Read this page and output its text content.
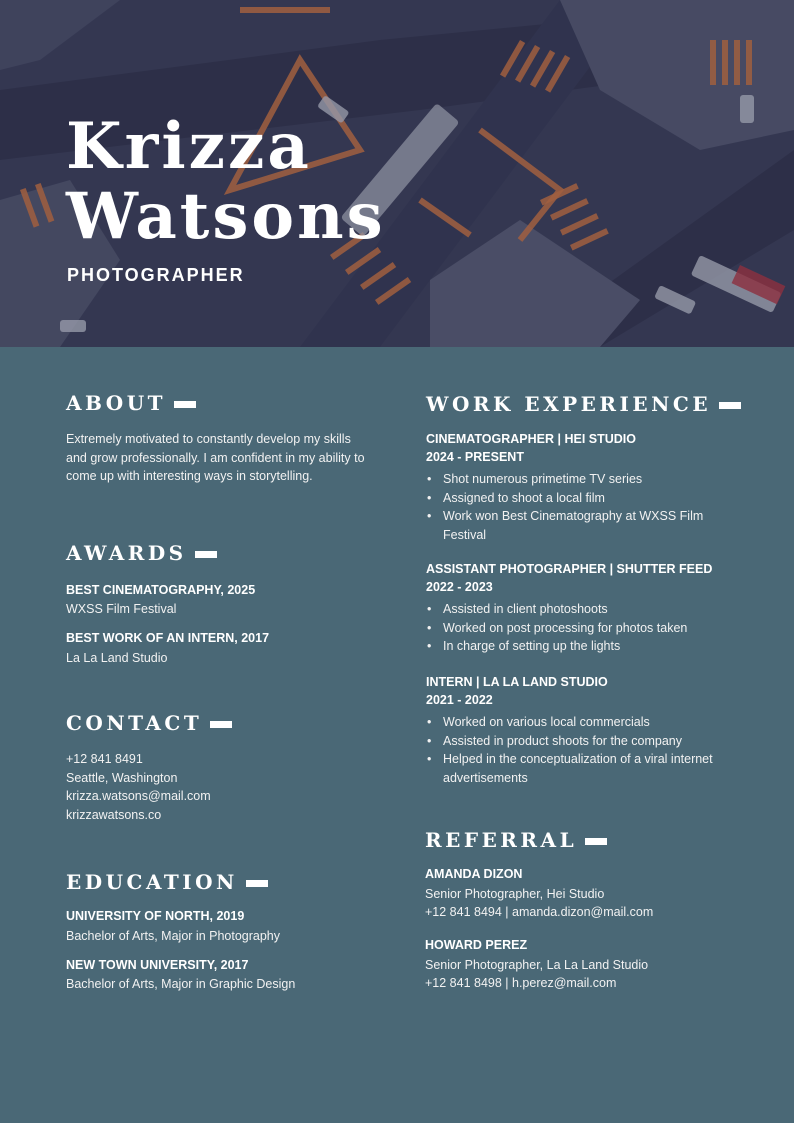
Krizza
Watsons
PHOTOGRAPHER
ABOUT
Extremely motivated to constantly develop my skills and grow professionally. I am confident in my ability to come up with interesting ways in storytelling.
AWARDS
BEST CINEMATOGRAPHY, 2025
WXSS Film Festival
BEST WORK OF AN INTERN, 2017
La La Land Studio
CONTACT
+12 841 8491
Seattle, Washington
krizza.watsons@mail.com
krizzawatsons.co
EDUCATION
UNIVERSITY OF NORTH, 2019
Bachelor of Arts, Major in Photography
NEW TOWN UNIVERSITY, 2017
Bachelor of Arts, Major in Graphic Design
WORK EXPERIENCE
CINEMATOGRAPHER | HEI STUDIO
2024 - PRESENT
• Shot numerous primetime TV series
• Assigned to shoot a local film
• Work won Best Cinematography at WXSS Film Festival
ASSISTANT PHOTOGRAPHER | SHUTTER FEED
2022 - 2023
• Assisted in client photoshoots
• Worked on post processing for photos taken
• In charge of setting up the lights
INTERN | LA LA LAND STUDIO
2021 - 2022
• Worked on various local commercials
• Assisted in product shoots for the company
• Helped in the conceptualization of a viral internet advertisements
REFERRAL
AMANDA DIZON
Senior Photographer, Hei Studio
+12 841 8494 | amanda.dizon@mail.com
HOWARD PEREZ
Senior Photographer, La La Land Studio
+12 841 8498 | h.perez@mail.com
